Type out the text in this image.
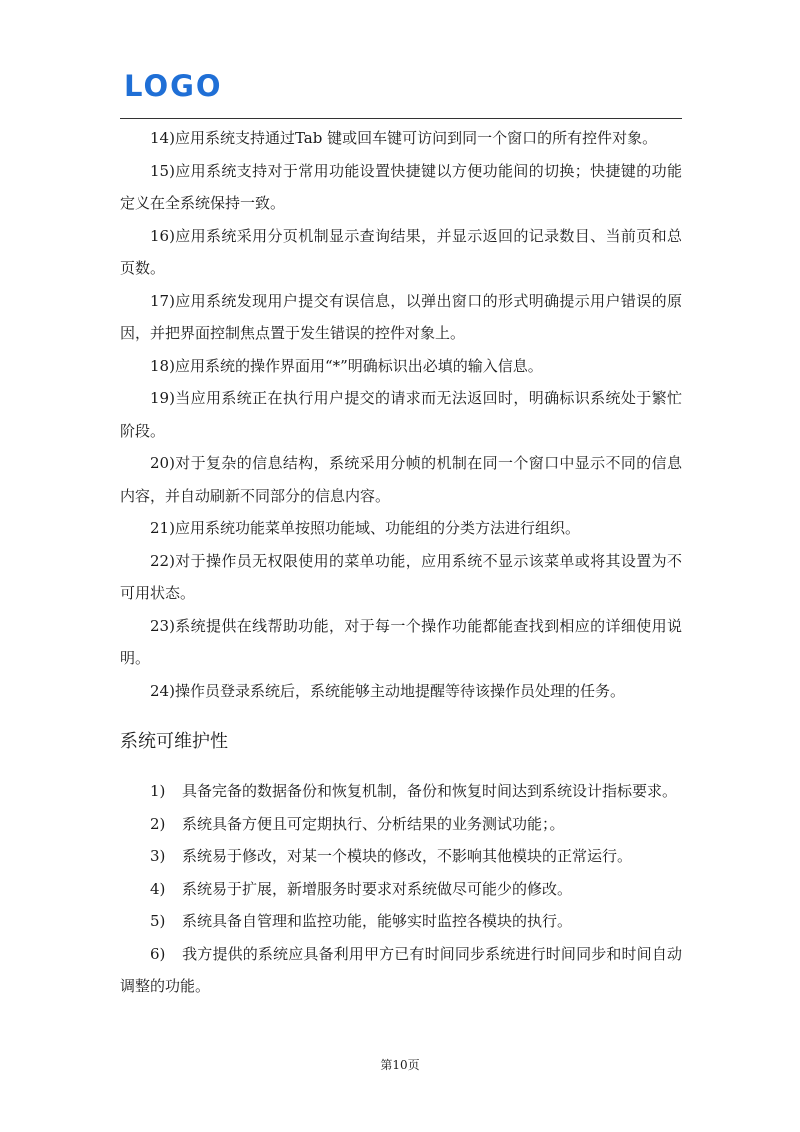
LOGO

14)应用系统支持通过Tab 键或回车键可访问到同一个窗口的所有控件对象。

15)应用系统支持对于常用功能设置快捷键以方便功能间的切换；快捷键的功能定义在全系统保持一致。

16)应用系统采用分页机制显示查询结果，并显示返回的记录数目、当前页和总页数。

17)应用系统发现用户提交有误信息，以弹出窗口的形式明确提示用户错误的原因，并把界面控制焦点置于发生错误的控件对象上。

18)应用系统的操作界面用“*”明确标识出必填的输入信息。

19)当应用系统正在执行用户提交的请求而无法返回时，明确标识系统处于繁忙阶段。

20)对于复杂的信息结构，系统采用分帧的机制在同一个窗口中显示不同的信息内容，并自动刷新不同部分的信息内容。

21)应用系统功能菜单按照功能域、功能组的分类方法进行组织。

22)对于操作员无权限使用的菜单功能，应用系统不显示该菜单或将其设置为不可用状态。

23)系统提供在线帮助功能，对于每一个操作功能都能查找到相应的详细使用说明。

24)操作员登录系统后，系统能够主动地提醒等待该操作员处理的任务。

系统可维护性
1) 具备完备的数据备份和恢复机制，备份和恢复时间达到系统设计指标要求。
2) 系统具备方便且可定期执行、分析结果的业务测试功能；。
3) 系统易于修改，对某一个模块的修改，不影响其他模块的正常运行。
4) 系统易于扩展，新增服务时要求对系统做尽可能少的修改。
5) 系统具备自管理和监控功能，能够实时监控各模块的执行。
6) 我方提供的系统应具备利用甲方已有时间同步系统进行时间同步和时间自动调整的功能。
第10页
